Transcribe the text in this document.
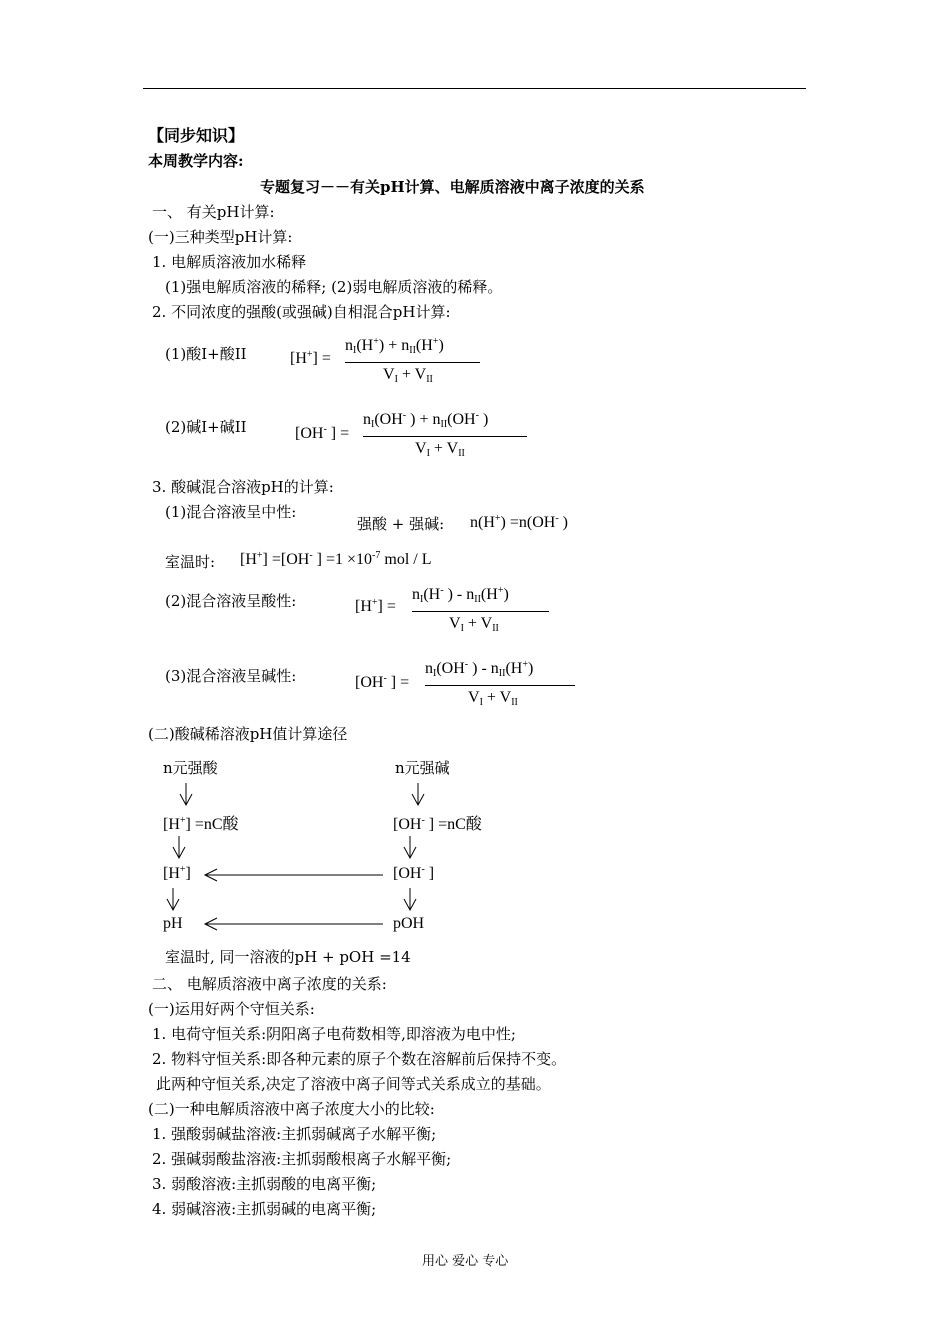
【同步知识】
本周教学内容:
专题复习－－有关pH计算、电解质溶液中离子浓度的关系
一、 有关pH计算:
(一)三种类型pH计算:
1. 电解质溶液加水稀释
(1)强电解质溶液的稀释; (2)弱电解质溶液的稀释。
2. 不同浓度的强酸(或强碱)自相混合pH计算:
(1)酸I+酸II	[H+] =
$n_I(H^+) + n_{II}(H^+)$
$V_I + V_{II}$
(2)碱I+碱II	[OH- ] =
$n_I(OH^-$ ) + $n_{II}(OH^-$ )
$V_I + V_{II}$
3. 酸碱混合溶液pH的计算:
(1)混合溶液呈中性:
强酸 + 强碱: n(H+) =n(OH- )
室温时: [H+] =[OH- ] $=1 \times 10^{-7}$ mol / L
(2)混合溶液呈酸性:	[H+] =
$n_I(H^-$ ) - $n_{II}(H^+)$
$V_I + V_{II}$
(3)混合溶液呈碱性:	[OH- ] =
$n_I(OH^-$ ) - $n_{II}(H^+)$
$V_I + V_{II}$
(二)酸碱稀溶液pH值计算途径
n元强酸	n元强碱
[H+] =nC酸	[OH- ] =nC酸
[H+]	[OH- ]
pH	pOH
室温时, 同一溶液的pH + pOH =14
二、 电解质溶液中离子浓度的关系:
(一)运用好两个守恒关系:
1. 电荷守恒关系:阴阳离子电荷数相等,即溶液为电中性;
2. 物料守恒关系:即各种元素的原子个数在溶解前后保持不变。
此两种守恒关系,决定了溶液中离子间等式关系成立的基础。
(二)一种电解质溶液中离子浓度大小的比较:
1. 强酸弱碱盐溶液:主抓弱碱离子水解平衡;
2. 强碱弱酸盐溶液:主抓弱酸根离子水解平衡;
3. 弱酸溶液:主抓弱酸的电离平衡;
4. 弱碱溶液:主抓弱碱的电离平衡;
用心 爱心 专心
